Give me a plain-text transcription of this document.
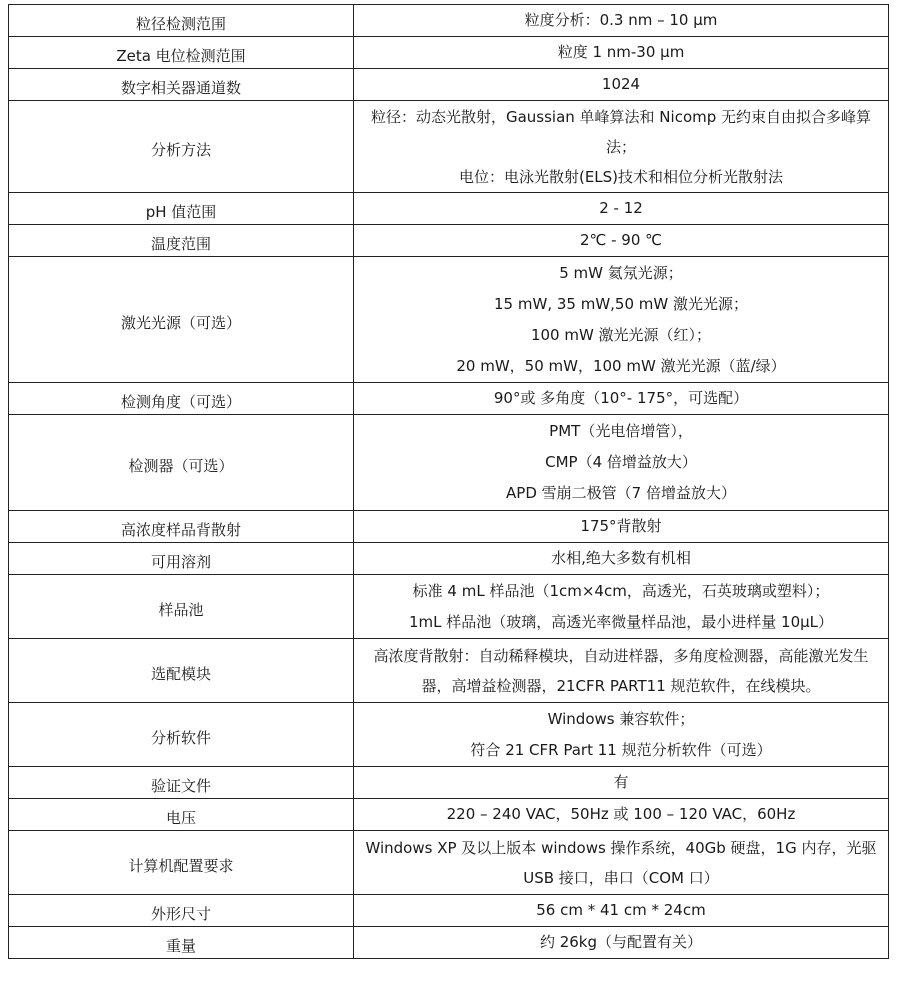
粒径检测范围	粒度分析：0.3 nm – 10 μm

Zeta 电位检测范围	粒度 1 nm-30 μm

数字相关器通道数	1024

分析方法	粒径：动态光散射，Gaussian 单峰算法和 Nicomp 无约束自由拟合多峰算
法；
电位：电泳光散射(ELS)技术和相位分析光散射法

pH 值范围	2 - 12

温度范围	2℃ - 90 ℃

激光光源（可选）	5 mW 氦氖光源；
15 mW, 35 mW,50 mW 激光光源；
100 mW 激光光源（红）；
20 mW，50 mW，100 mW 激光光源（蓝/绿）

检测角度（可选）	90°或 多角度（10°- 175°，可选配）

检测器（可选）	PMT（光电倍增管），
CMP（4 倍增益放大）
APD 雪崩二极管（7 倍增益放大）

高浓度样品背散射	175°背散射

可用溶剂	水相,绝大多数有机相

样品池	标准 4 mL 样品池（1cm×4cm，高透光，石英玻璃或塑料）；
1mL 样品池（玻璃，高透光率微量样品池，最小进样量 10μL）

选配模块	高浓度背散射：自动稀释模块，自动进样器，多角度检测器，高能激光发生
器，高增益检测器，21CFR PART11 规范软件，在线模块。

分析软件	Windows 兼容软件；
符合 21 CFR Part 11 规范分析软件（可选）

验证文件	有

电压	220 – 240 VAC，50Hz 或 100 – 120 VAC，60Hz

计算机配置要求	Windows XP 及以上版本 windows 操作系统，40Gb 硬盘，1G 内存，光驱
USB 接口，串口（COM 口）

外形尺寸	56 cm * 41 cm * 24cm

重量	约 26kg（与配置有关）
